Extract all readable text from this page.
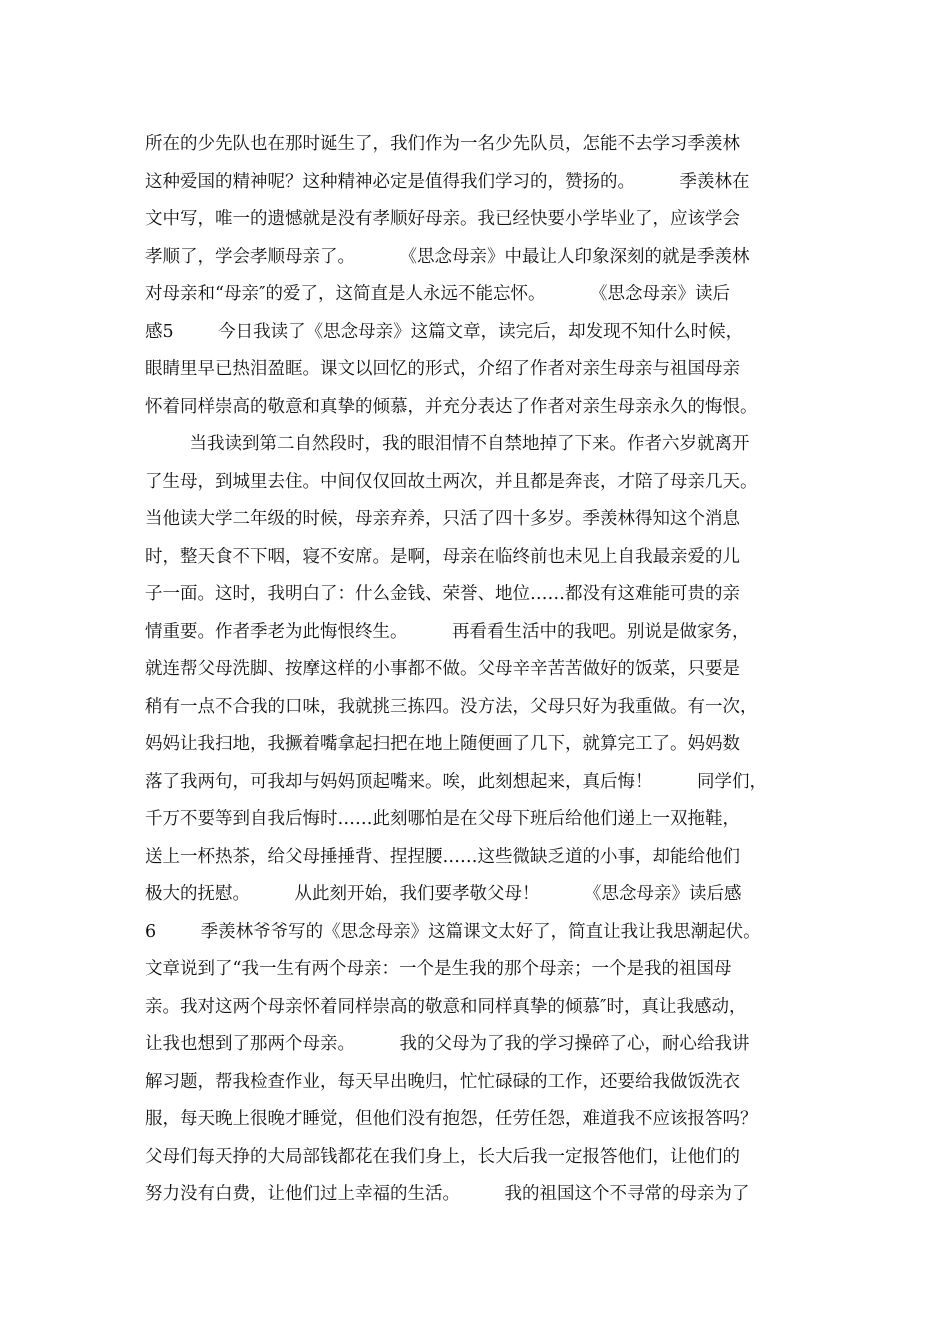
所在的少先队也在那时诞生了，我们作为一名少先队员，怎能不去学习季羡林
这种爱国的精神呢？这种精神必定是值得我们学习的，赞扬的。        季羡林在
文中写，唯一的遗憾就是没有孝顺好母亲。我已经快要小学毕业了，应该学会
孝顺了，学会孝顺母亲了。        《思念母亲》中最让人印象深刻的就是季羡林
对母亲和“母亲″的爱了，这简直是人永远不能忘怀。        《思念母亲》读后
感5        今日我读了《思念母亲》这篇文章，读完后，却发现不知什么时候，
眼睛里早已热泪盈眶。课文以回忆的形式，介绍了作者对亲生母亲与祖国母亲
怀着同样崇高的敬意和真挚的倾慕，并充分表达了作者对亲生母亲永久的悔恨。
当我读到第二自然段时，我的眼泪情不自禁地掉了下来。作者六岁就离开
了生母，到城里去住。中间仅仅回故土两次，并且都是奔丧，才陪了母亲几天。
当他读大学二年级的时候，母亲弃养，只活了四十多岁。季羡林得知这个消息
时，整天食不下咽，寝不安席。是啊，母亲在临终前也未见上自我最亲爱的儿
子一面。这时，我明白了：什么金钱、荣誉、地位……都没有这难能可贵的亲
情重要。作者季老为此悔恨终生。        再看看生活中的我吧。别说是做家务，
就连帮父母洗脚、按摩这样的小事都不做。父母辛辛苦苦做好的饭菜，只要是
稍有一点不合我的口味，我就挑三拣四。没方法，父母只好为我重做。有一次，
妈妈让我扫地，我撅着嘴拿起扫把在地上随便画了几下，就算完工了。妈妈数
落了我两句，可我却与妈妈顶起嘴来。唉，此刻想起来，真后悔！        同学们，
千万不要等到自我后悔时……此刻哪怕是在父母下班后给他们递上一双拖鞋，
送上一杯热茶，给父母捶捶背、捏捏腰……这些微缺乏道的小事，却能给他们
极大的抚慰。        从此刻开始，我们要孝敬父母！        《思念母亲》读后感
6        季羡林爷爷写的《思念母亲》这篇课文太好了，简直让我让我思潮起伏。
文章说到了“我一生有两个母亲：一个是生我的那个母亲；一个是我的祖国母
亲。我对这两个母亲怀着同样崇高的敬意和同样真挚的倾慕″时，真让我感动，
让我也想到了那两个母亲。        我的父母为了我的学习操碎了心，耐心给我讲
解习题，帮我检查作业，每天早出晚归，忙忙碌碌的工作，还要给我做饭洗衣
服，每天晚上很晚才睡觉，但他们没有抱怨，任劳任怨，难道我不应该报答吗？
父母们每天挣的大局部钱都花在我们身上，长大后我一定报答他们，让他们的
努力没有白费，让他们过上幸福的生活。        我的祖国这个不寻常的母亲为了
